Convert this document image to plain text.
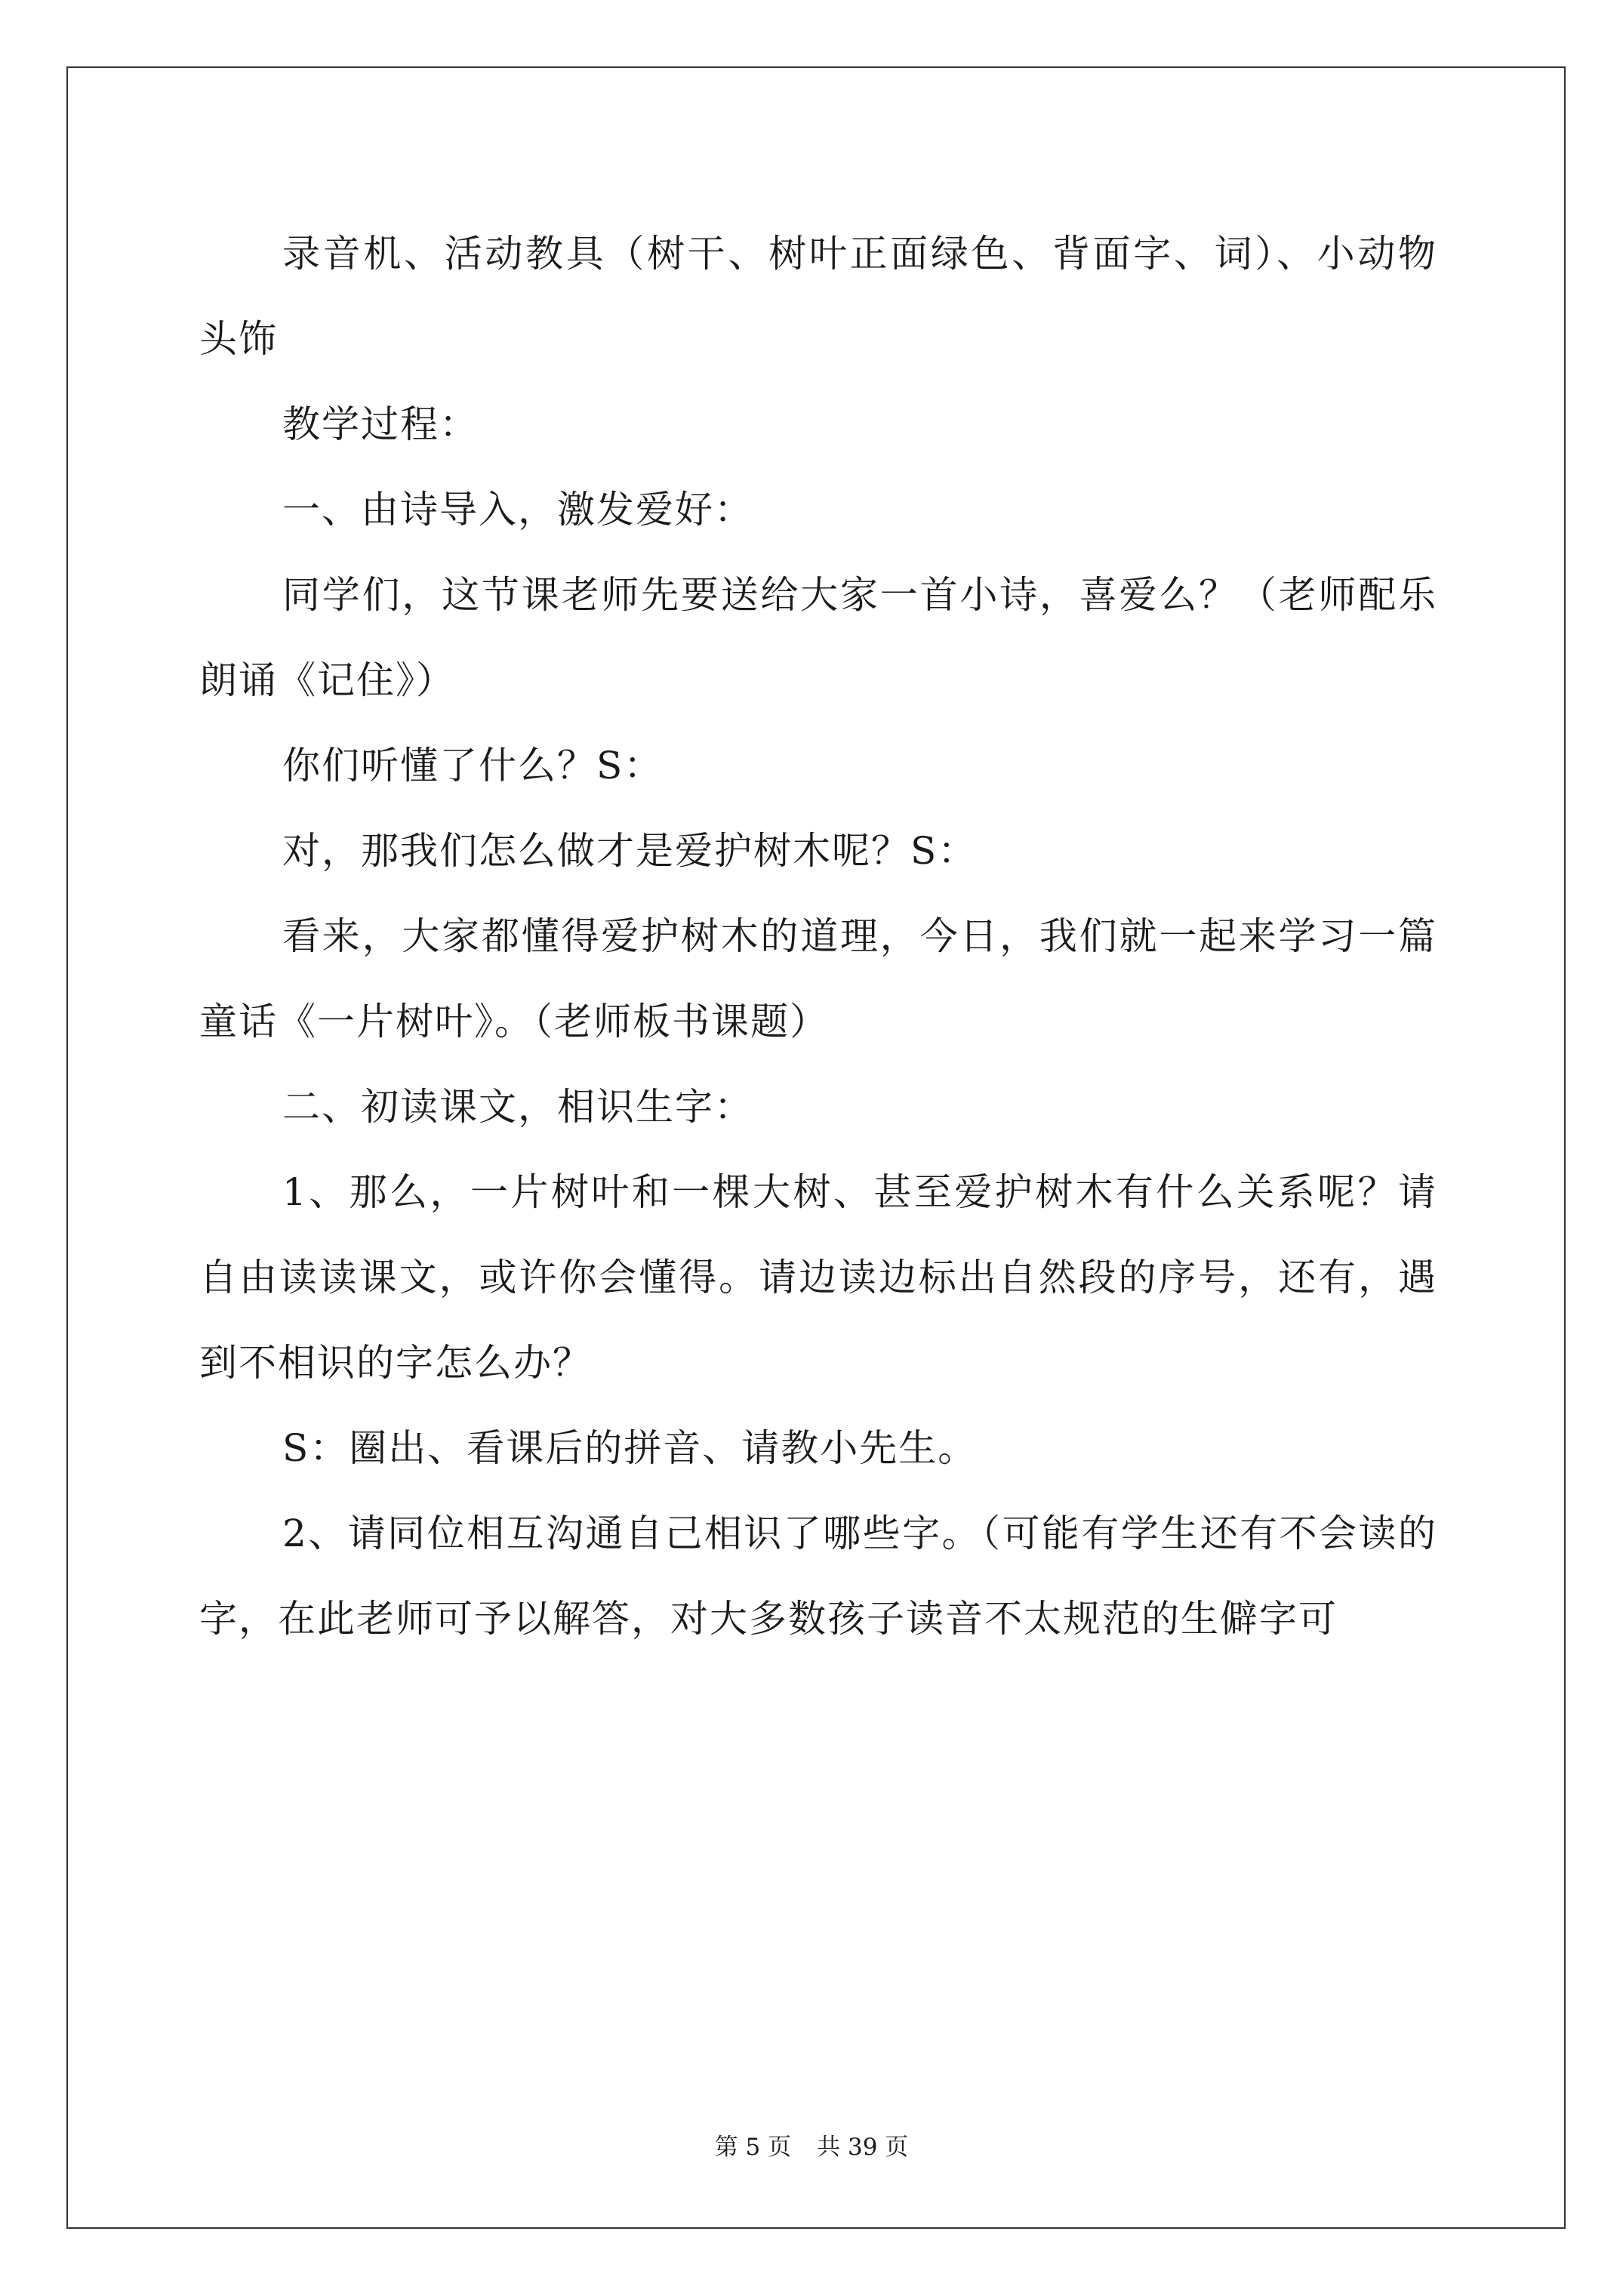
录音机、活动教具（树干、树叶正面绿色、背面字、词）、小动物头饰

教学过程：

一、由诗导入，激发爱好：

同学们，这节课老师先要送给大家一首小诗，喜爱么？（老师配乐朗诵《记住》）

你们听懂了什么？S：

对，那我们怎么做才是爱护树木呢？S：

看来，大家都懂得爱护树木的道理，今日，我们就一起来学习一篇童话《一片树叶》。（老师板书课题）

二、初读课文，相识生字：

1、那么，一片树叶和一棵大树、甚至爱护树木有什么关系呢？请自由读读课文，或许你会懂得。请边读边标出自然段的序号，还有，遇到不相识的字怎么办？

S：圈出、看课后的拼音、请教小先生。

2、请同位相互沟通自己相识了哪些字。（可能有学生还有不会读的字，在此老师可予以解答，对大多数孩子读音不太规范的生僻字可

第 5 页 共 39 页
